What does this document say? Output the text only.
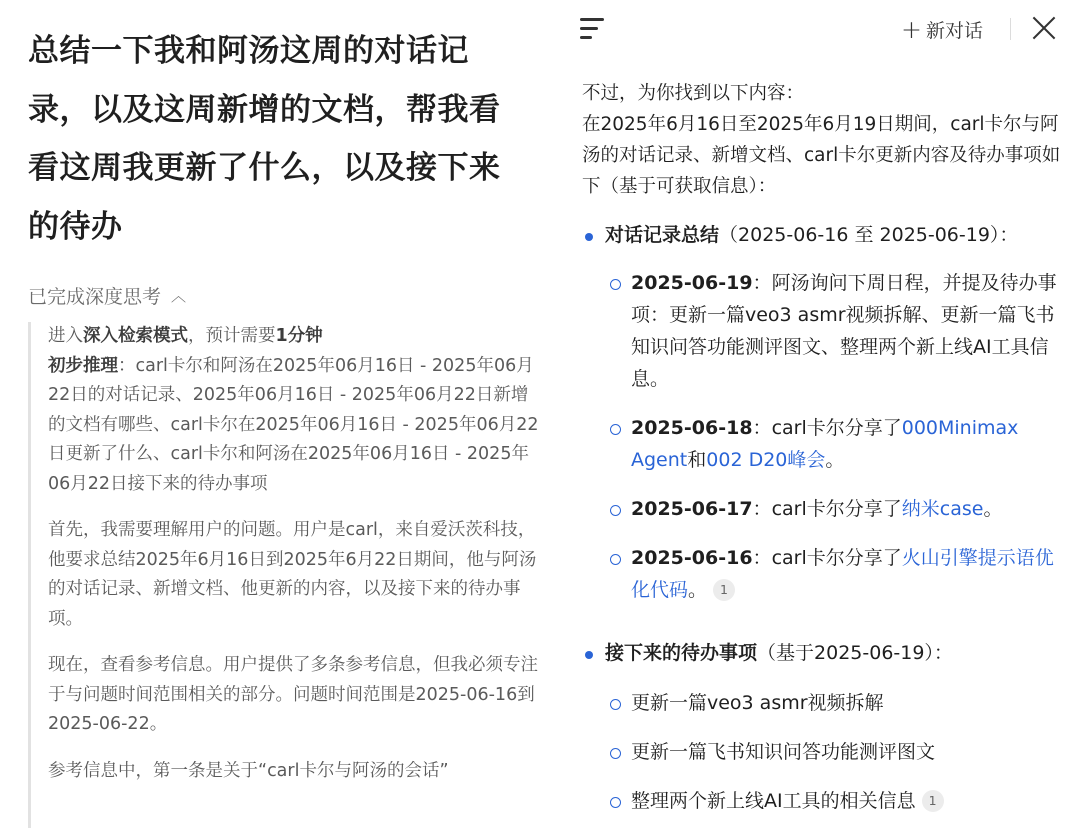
总结一下我和阿汤这周的对话记录，以及这周新增的文档，帮我看看这周我更新了什么，以及接下来的待办
已完成深度思考 ︿
进入深入检索模式，预计需要1分钟
初步推理：carl卡尔和阿汤在2025年06月16日 - 2025年06月22日的对话记录、2025年06月16日 - 2025年06月22日新增的文档有哪些、carl卡尔在2025年06月16日 - 2025年06月22日更新了什么、carl卡尔和阿汤在2025年06月16日 - 2025年06月22日接下来的待办事项
首先，我需要理解用户的问题。用户是carl，来自爱沃茨科技，他要求总结2025年6月16日到2025年6月22日期间，他与阿汤的对话记录、新增文档、他更新的内容，以及接下来的待办事项。
现在，查看参考信息。用户提供了多条参考信息，但我必须专注于与问题时间范围相关的部分。问题时间范围是2025-06-16到2025-06-22。
参考信息中，第一条是关于“carl卡尔与阿汤的会话”
+ 新对话
不过，为你找到以下内容：
在2025年6月16日至2025年6月19日期间，carl卡尔与阿汤的对话记录、新增文档、carl卡尔更新内容及待办事项如下（基于可获取信息）：
对话记录总结（2025-06-16 至 2025-06-19）：
2025-06-19：阿汤询问下周日程，并提及待办事项：更新一篇veo3 asmr视频拆解、更新一篇飞书知识问答功能测评图文、整理两个新上线AI工具信息。
2025-06-18：carl卡尔分享了000Minimax Agent和002 D20峰会。
2025-06-17：carl卡尔分享了纳米case。
2025-06-16：carl卡尔分享了火山引擎提示语优化代码。 1
接下来的待办事项（基于2025-06-19）：
更新一篇veo3 asmr视频拆解
更新一篇飞书知识问答功能测评图文
整理两个新上线AI工具的相关信息 1
